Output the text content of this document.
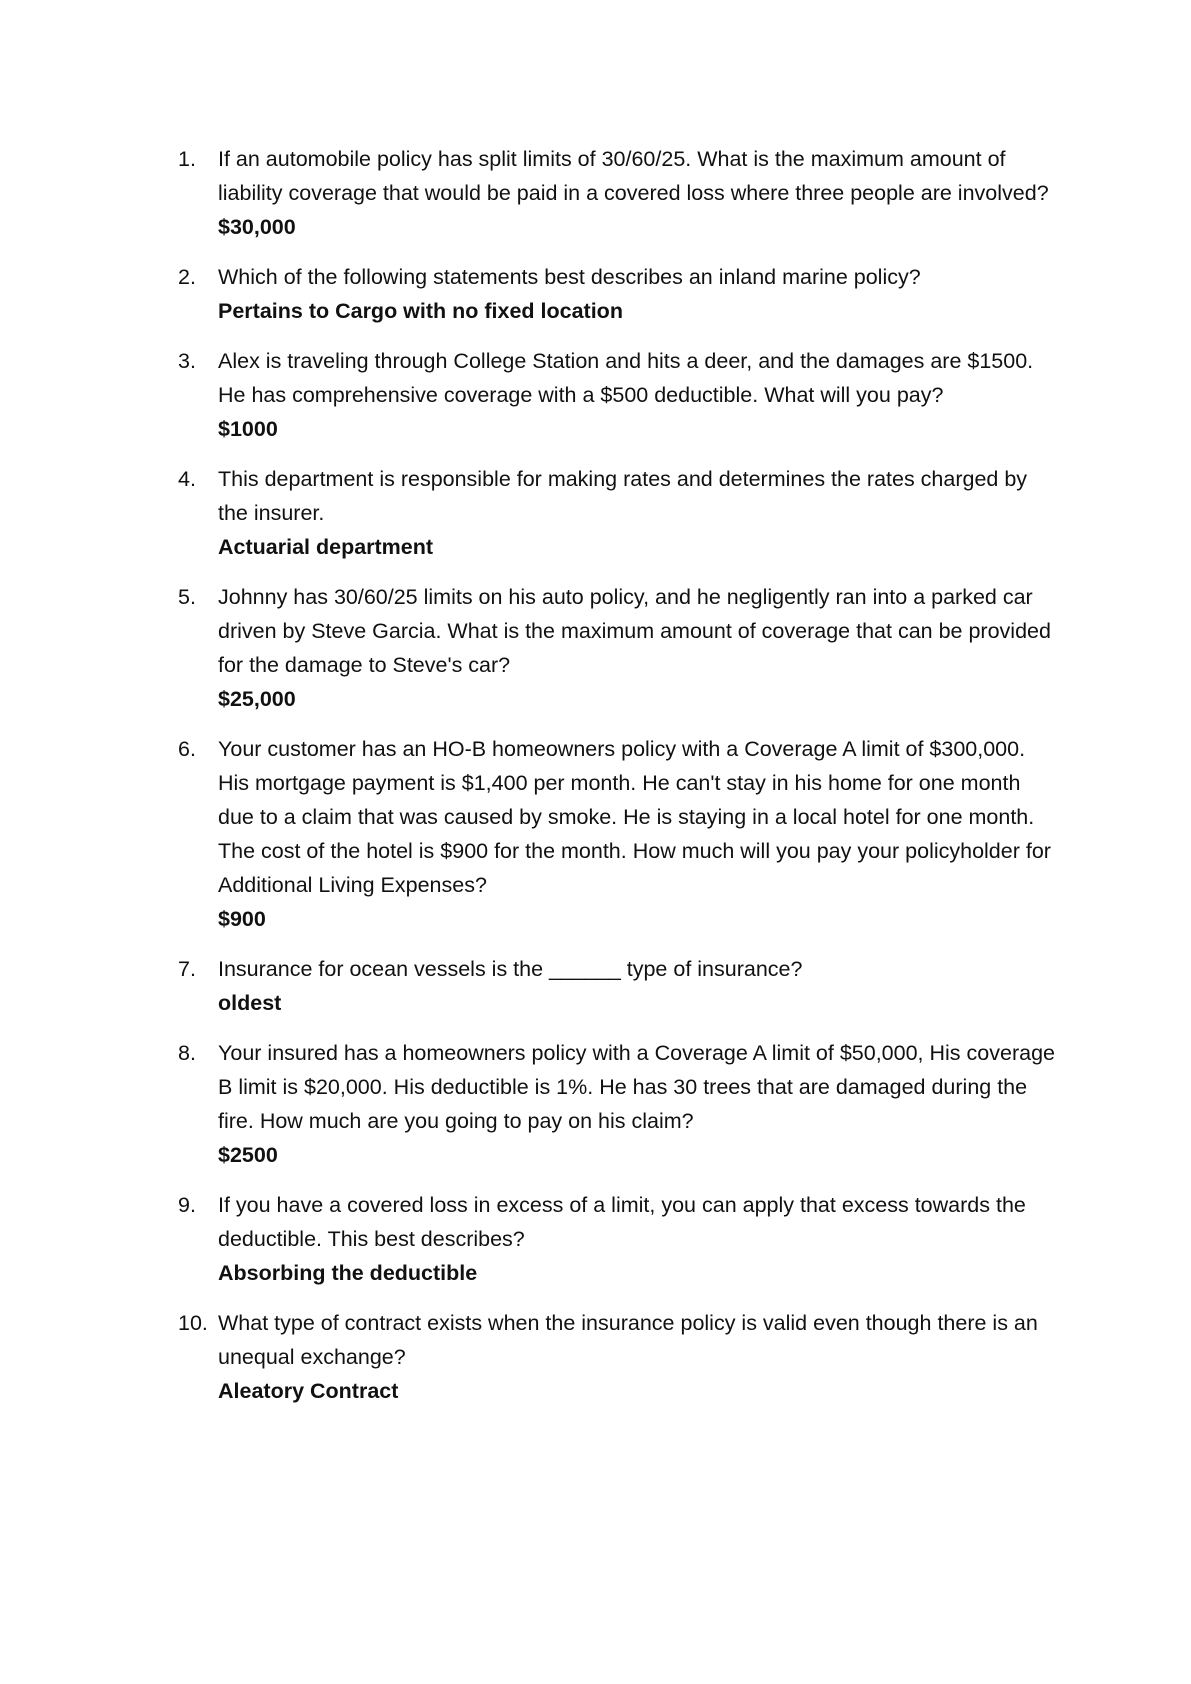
1.	If an automobile policy has split limits of 30/60/25. What is the maximum amount of liability coverage that would be paid in a covered loss where three people are involved?
$30,000
2.	Which of the following statements best describes an inland marine policy?
Pertains to Cargo with no fixed location
3.	Alex is traveling through College Station and hits a deer, and the damages are $1500. He has comprehensive coverage with a $500 deductible. What will you pay?
$1000
4.	This department is responsible for making rates and determines the rates charged by the insurer.
Actuarial department
5.	Johnny has 30/60/25 limits on his auto policy, and he negligently ran into a parked car driven by Steve Garcia. What is the maximum amount of coverage that can be provided for the damage to Steve's car?
$25,000
6.	Your customer has an HO-B homeowners policy with a Coverage A limit of $300,000. His mortgage payment is $1,400 per month. He can't stay in his home for one month due to a claim that was caused by smoke. He is staying in a local hotel for one month. The cost of the hotel is $900 for the month. How much will you pay your policyholder for Additional Living Expenses?
$900
7.	Insurance for ocean vessels is the ______ type of insurance?
oldest
8.	Your insured has a homeowners policy with a Coverage A limit of $50,000, His coverage B limit is $20,000. His deductible is 1%. He has 30 trees that are damaged during the fire. How much are you going to pay on his claim?
$2500
9.	If you have a covered loss in excess of a limit, you can apply that excess towards the deductible. This best describes?
Absorbing the deductible
10. What type of contract exists when the insurance policy is valid even though there is an unequal exchange?
Aleatory Contract
